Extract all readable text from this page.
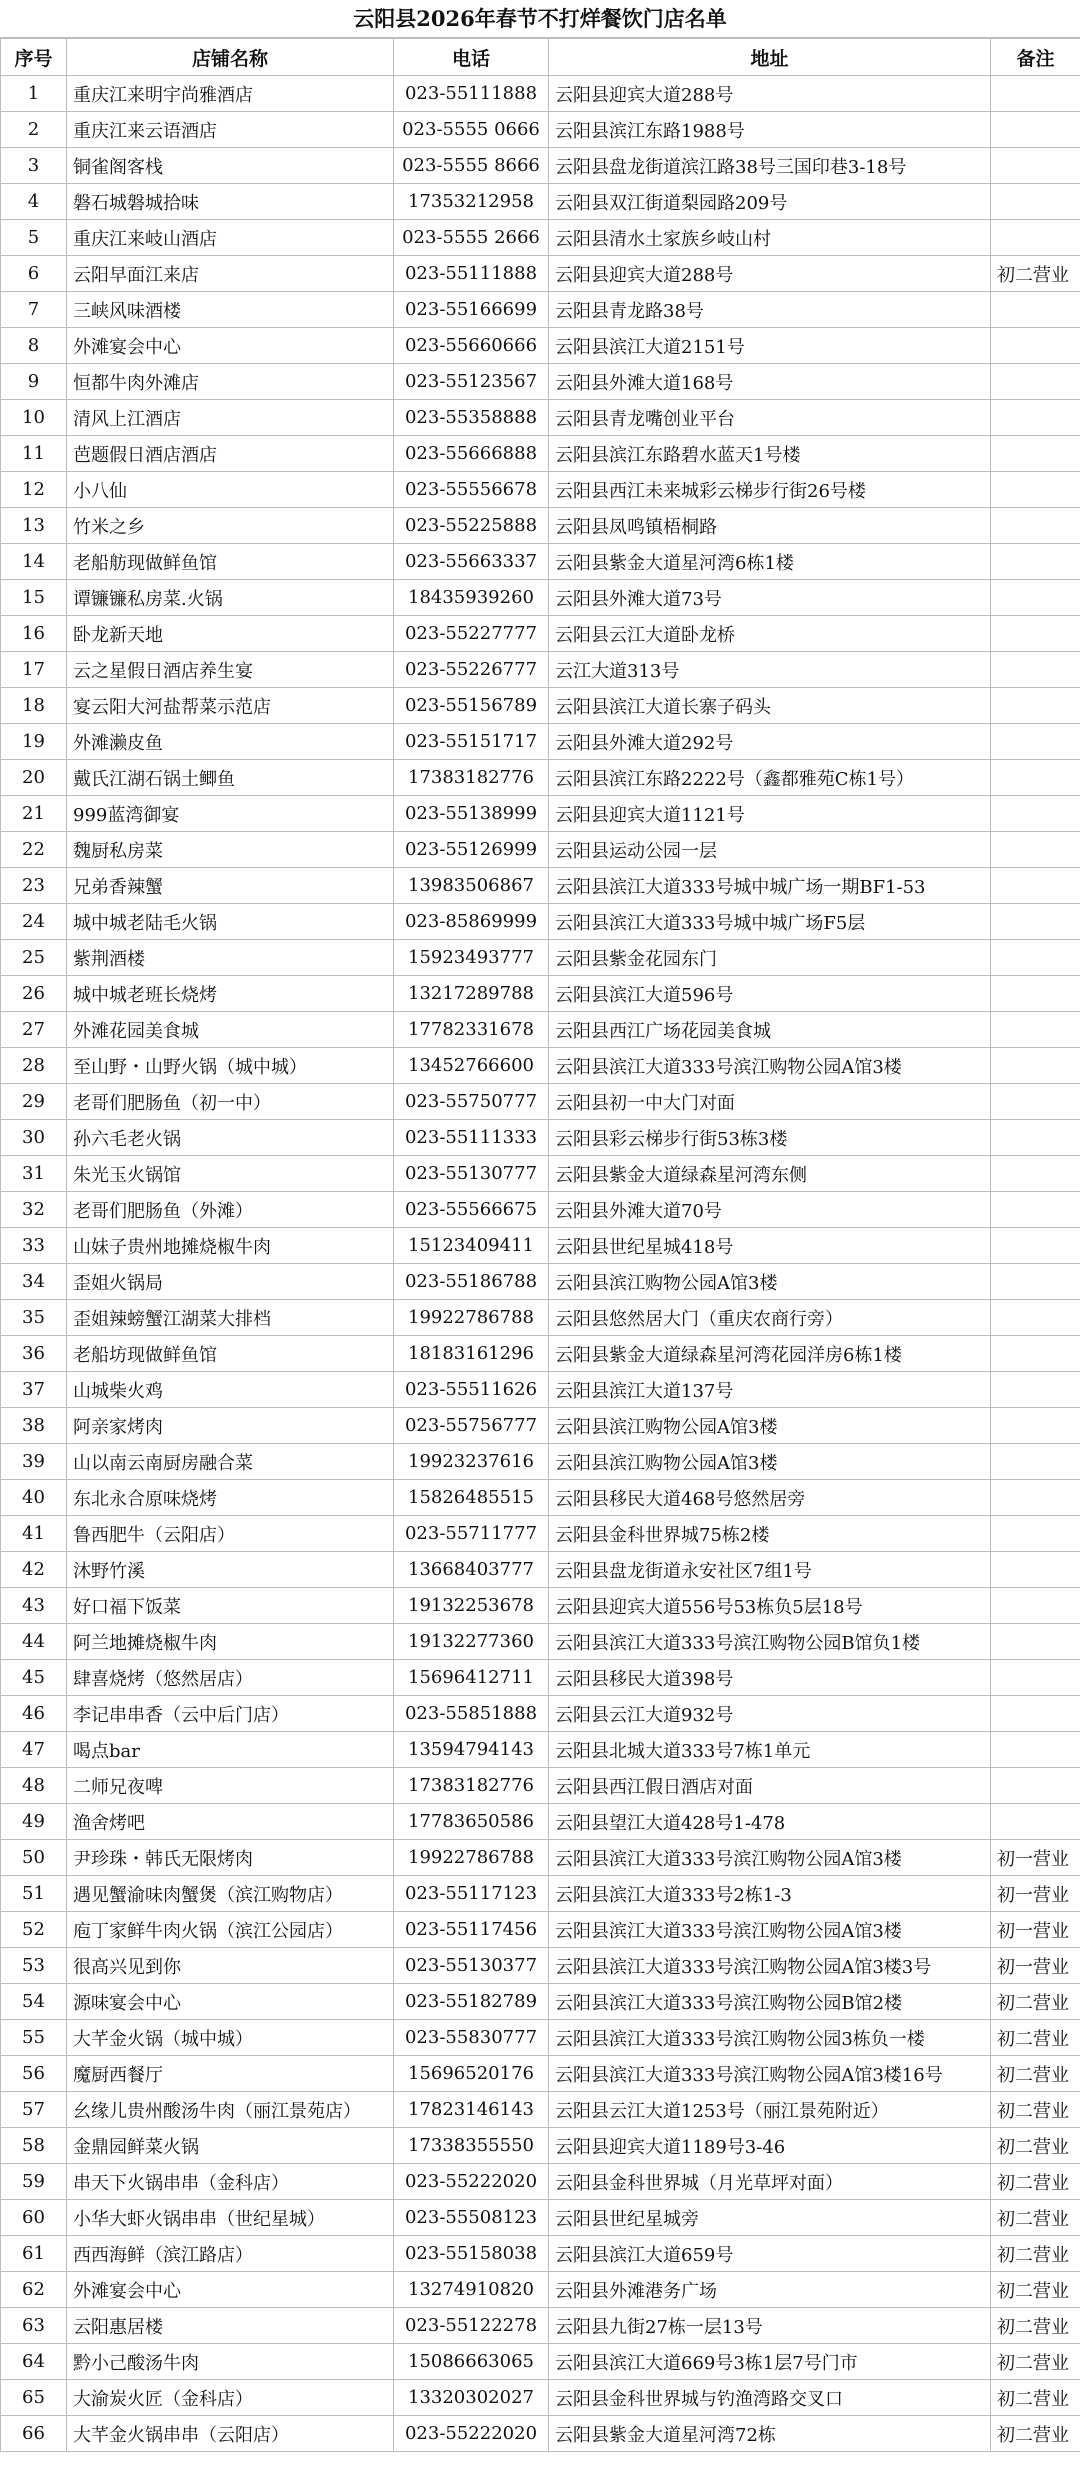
云阳县2026年春节不打烊餐饮门店名单
序号	店铺名称	电话	地址	备注
1	重庆江来明宇尚雅酒店	023-55111888	云阳县迎宾大道288号	
2	重庆江来云语酒店	023-5555 0666	云阳县滨江东路1988号	
3	铜雀阁客栈	023-5555 8666	云阳县盘龙街道滨江路38号三国印巷3-18号	
4	磐石城磐城拾味	17353212958	云阳县双江街道梨园路209号	
5	重庆江来岐山酒店	023-5555 2666	云阳县清水土家族乡岐山村	
6	云阳早面江来店	023-55111888	云阳县迎宾大道288号	初二营业
7	三峡风味酒楼	023-55166699	云阳县青龙路38号	
8	外滩宴会中心	023-55660666	云阳县滨江大道2151号	
9	恒都牛肉外滩店	023-55123567	云阳县外滩大道168号	
10	清风上江酒店	023-55358888	云阳县青龙嘴创业平台	
11	芭题假日酒店酒店	023-55666888	云阳县滨江东路碧水蓝天1号楼	
12	小八仙	023-55556678	云阳县西江未来城彩云梯步行街26号楼	
13	竹米之乡	023-55225888	云阳县凤鸣镇梧桐路	
14	老船舫现做鲜鱼馆	023-55663337	云阳县紫金大道星河湾6栋1楼	
15	谭镰镰私房菜.火锅	18435939260	云阳县外滩大道73号	
16	卧龙新天地	023-55227777	云阳县云江大道卧龙桥	
17	云之星假日酒店养生宴	023-55226777	云江大道313号	
18	宴云阳大河盐帮菜示范店	023-55156789	云阳县滨江大道长寨子码头	
19	外滩濑皮鱼	023-55151717	云阳县外滩大道292号	
20	戴氏江湖石锅土鲫鱼	17383182776	云阳县滨江东路2222号（鑫都雅苑C栋1号）	
21	999蓝湾御宴	023-55138999	云阳县迎宾大道1121号	
22	魏厨私房菜	023-55126999	云阳县运动公园一层	
23	兄弟香辣蟹	13983506867	云阳县滨江大道333号城中城广场一期BF1-53	
24	城中城老陆毛火锅	023-85869999	云阳县滨江大道333号城中城广场F5层	
25	紫荆酒楼	15923493777	云阳县紫金花园东门	
26	城中城老班长烧烤	13217289788	云阳县滨江大道596号	
27	外滩花园美食城	17782331678	云阳县西江广场花园美食城	
28	至山野・山野火锅（城中城）	13452766600	云阳县滨江大道333号滨江购物公园A馆3楼	
29	老哥们肥肠鱼（初一中）	023-55750777	云阳县初一中大门对面	
30	孙六毛老火锅	023-55111333	云阳县彩云梯步行街53栋3楼	
31	朱光玉火锅馆	023-55130777	云阳县紫金大道绿森星河湾东侧	
32	老哥们肥肠鱼（外滩）	023-55566675	云阳县外滩大道70号	
33	山妹子贵州地摊烧椒牛肉	15123409411	云阳县世纪星城418号	
34	歪姐火锅局	023-55186788	云阳县滨江购物公园A馆3楼	
35	歪姐辣螃蟹江湖菜大排档	19922786788	云阳县悠然居大门（重庆农商行旁）	
36	老船坊现做鲜鱼馆	18183161296	云阳县紫金大道绿森星河湾花园洋房6栋1楼	
37	山城柴火鸡	023-55511626	云阳县滨江大道137号	
38	阿亲家烤肉	023-55756777	云阳县滨江购物公园A馆3楼	
39	山以南云南厨房融合菜	19923237616	云阳县滨江购物公园A馆3楼	
40	东北永合原味烧烤	15826485515	云阳县移民大道468号悠然居旁	
41	鲁西肥牛（云阳店）	023-55711777	云阳县金科世界城75栋2楼	
42	沐野竹溪	13668403777	云阳县盘龙街道永安社区7组1号	
43	好口福下饭菜	19132253678	云阳县迎宾大道556号53栋负5层18号	
44	阿兰地摊烧椒牛肉	19132277360	云阳县滨江大道333号滨江购物公园B馆负1楼	
45	肆喜烧烤（悠然居店）	15696412711	云阳县移民大道398号	
46	李记串串香（云中后门店）	023-55851888	云阳县云江大道932号	
47	喝点bar	13594794143	云阳县北城大道333号7栋1单元	
48	二师兄夜啤	17383182776	云阳县西江假日酒店对面	
49	渔舍烤吧	17783650586	云阳县望江大道428号1-478	
50	尹珍珠・韩氏无限烤肉	19922786788	云阳县滨江大道333号滨江购物公园A馆3楼	初一营业
51	遇见蟹渝味肉蟹煲（滨江购物店）	023-55117123	云阳县滨江大道333号2栋1-3	初一营业
52	庖丁家鲜牛肉火锅（滨江公园店）	023-55117456	云阳县滨江大道333号滨江购物公园A馆3楼	初一营业
53	很高兴见到你	023-55130377	云阳县滨江大道333号滨江购物公园A馆3楼3号	初一营业
54	源味宴会中心	023-55182789	云阳县滨江大道333号滨江购物公园B馆2楼	初二营业
55	大芊金火锅（城中城）	023-55830777	云阳县滨江大道333号滨江购物公园3栋负一楼	初二营业
56	魔厨西餐厅	15696520176	云阳县滨江大道333号滨江购物公园A馆3楼16号	初二营业
57	幺缘儿贵州酸汤牛肉（丽江景苑店）	17823146143	云阳县云江大道1253号（丽江景苑附近）	初二营业
58	金鼎园鲜菜火锅	17338355550	云阳县迎宾大道1189号3-46	初二营业
59	串天下火锅串串（金科店）	023-55222020	云阳县金科世界城（月光草坪对面）	初二营业
60	小华大虾火锅串串（世纪星城）	023-55508123	云阳县世纪星城旁	初二营业
61	西西海鲜（滨江路店）	023-55158038	云阳县滨江大道659号	初二营业
62	外滩宴会中心	13274910820	云阳县外滩港务广场	初二营业
63	云阳惠居楼	023-55122278	云阳县九街27栋一层13号	初二营业
64	黔小己酸汤牛肉	15086663065	云阳县滨江大道669号3栋1层7号门市	初二营业
65	大渝炭火匠（金科店）	13320302027	云阳县金科世界城与钓渔湾路交叉口	初二营业
66	大芊金火锅串串（云阳店）	023-55222020	云阳县紫金大道星河湾72栋	初二营业
